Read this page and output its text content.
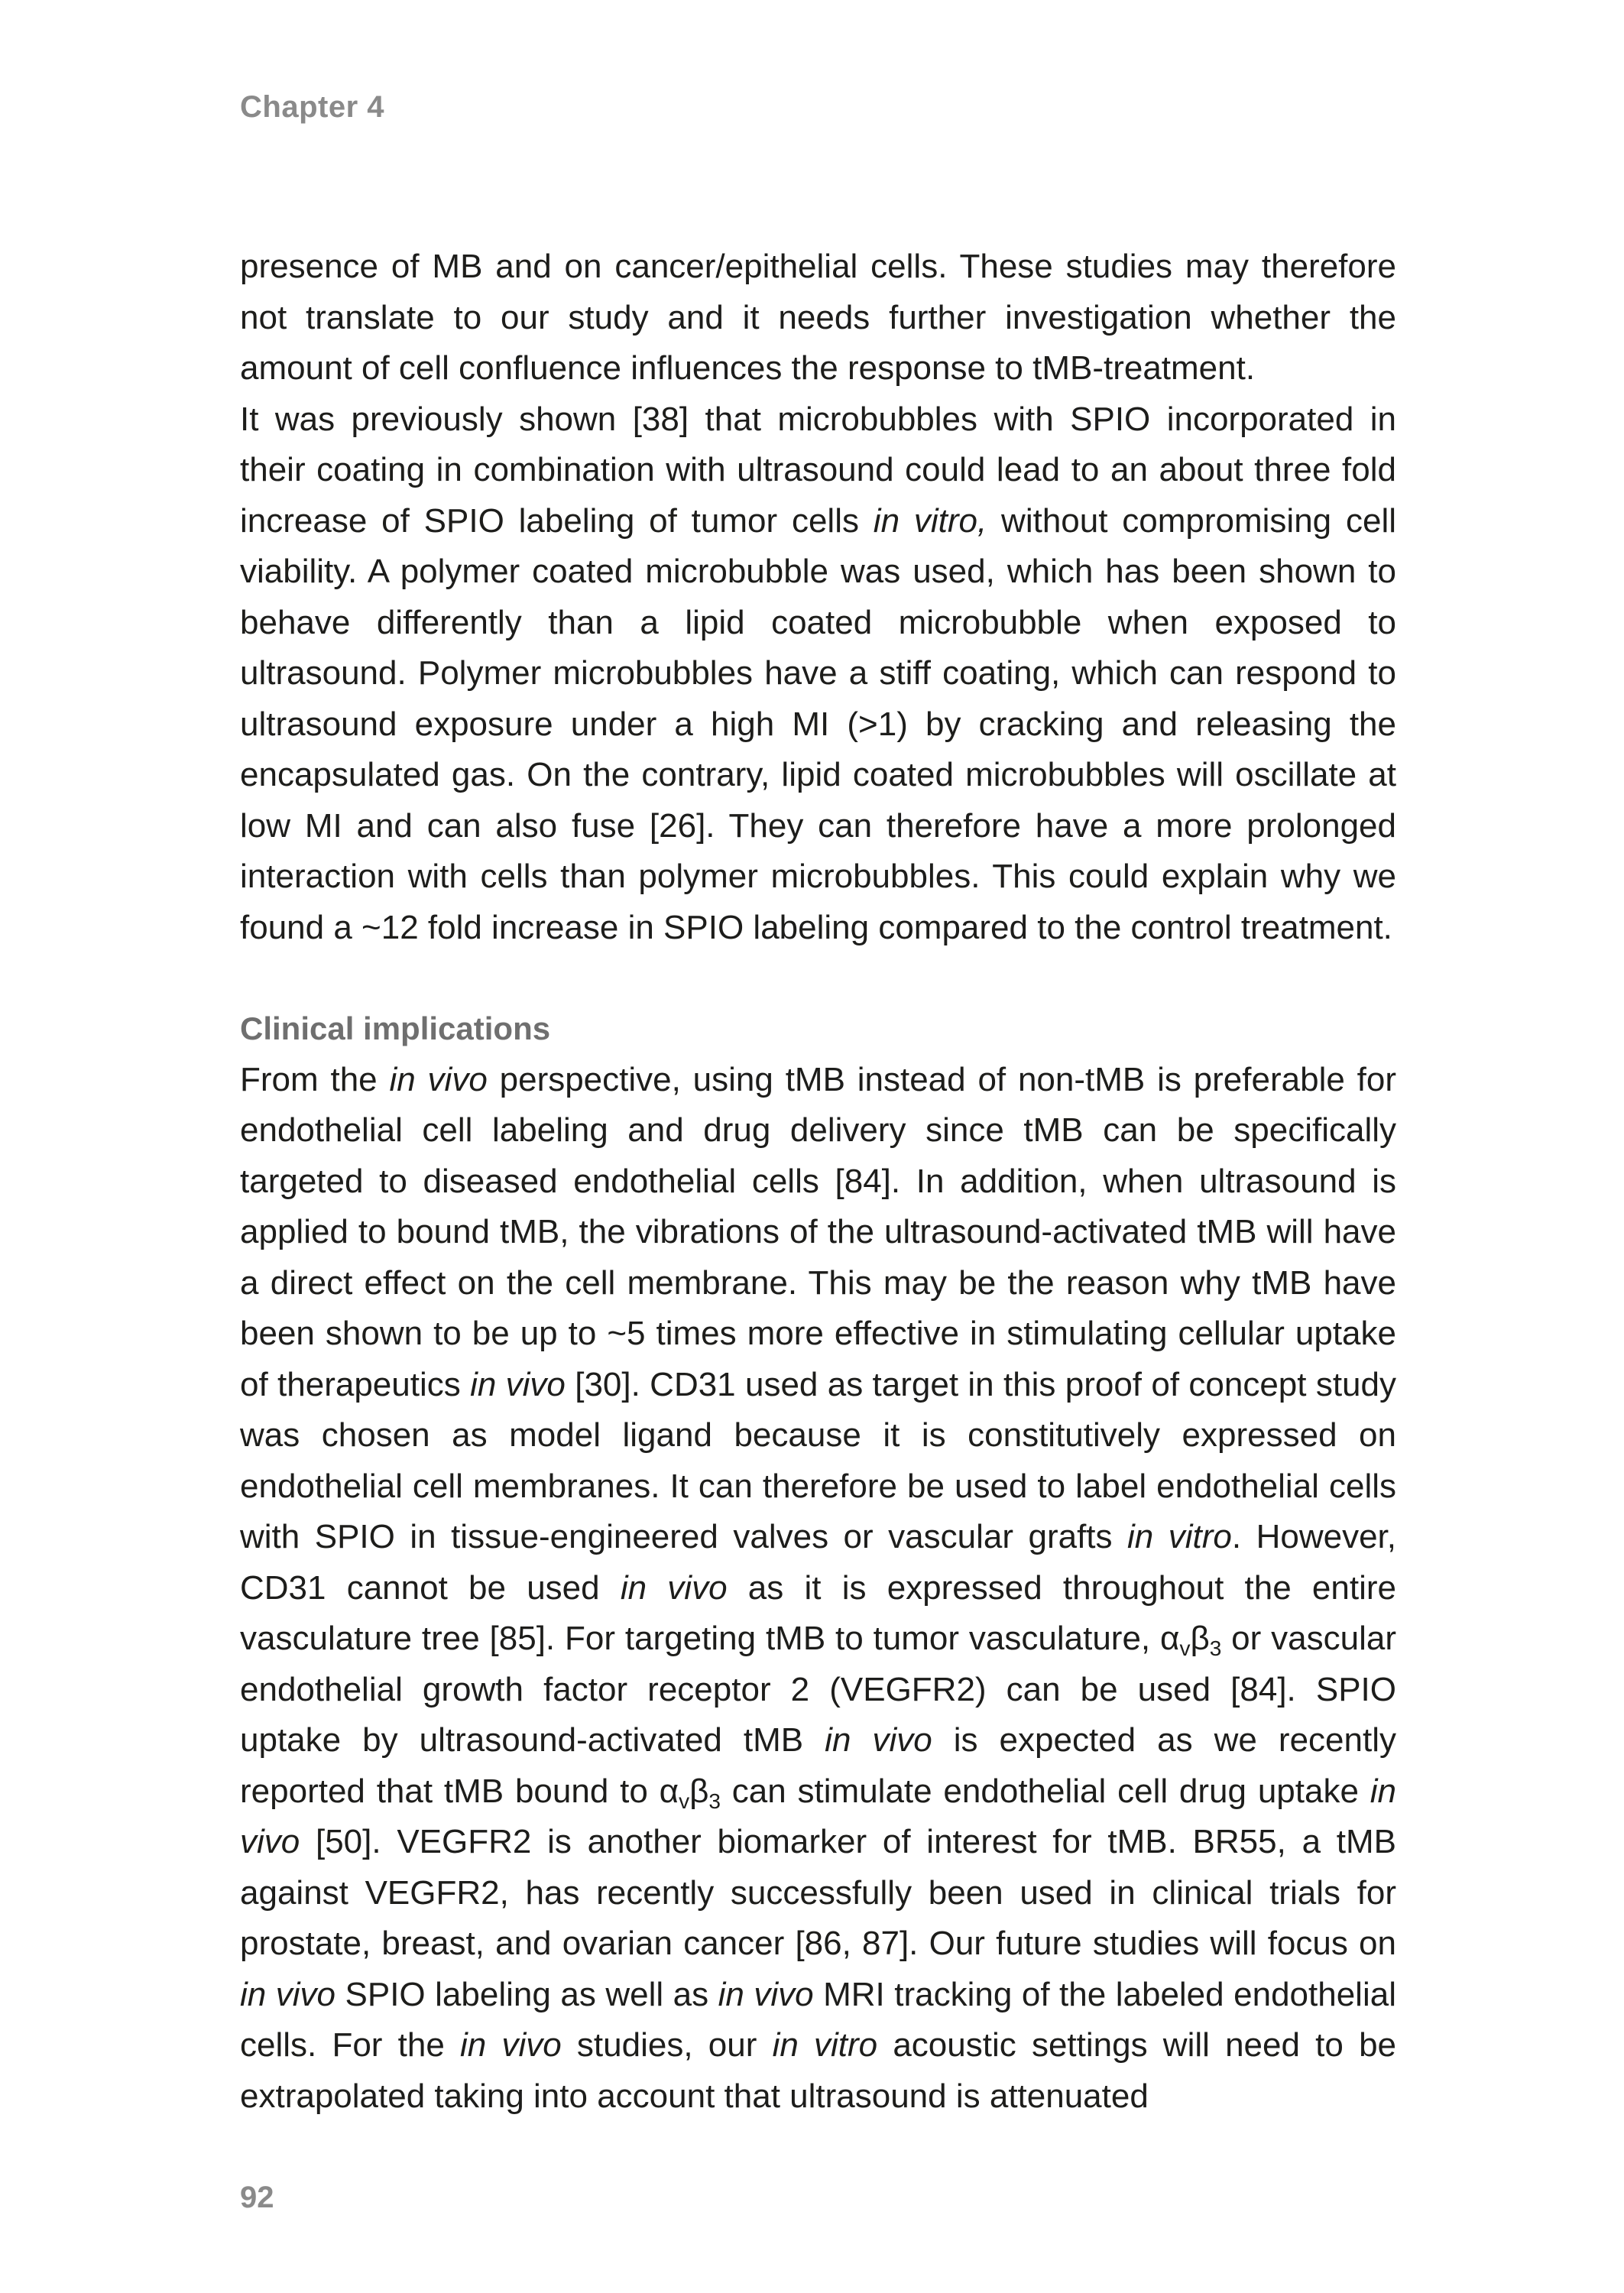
Chapter 4

presence of MB and on cancer/epithelial cells. These studies may therefore not translate to our study and it needs further investigation whether the amount of cell confluence influences the response to tMB-treatment.

It was previously shown [38] that microbubbles with SPIO incorporated in their coating in combination with ultrasound could lead to an about three fold increase of SPIO labeling of tumor cells in vitro, without compromising cell viability. A polymer coated microbubble was used, which has been shown to behave differently than a lipid coated microbubble when exposed to ultrasound. Polymer microbubbles have a stiff coating, which can respond to ultrasound exposure under a high MI (>1) by cracking and releasing the encapsulated gas. On the contrary, lipid coated microbubbles will oscillate at low MI and can also fuse [26]. They can therefore have a more prolonged interaction with cells than polymer microbubbles. This could explain why we found a ~12 fold increase in SPIO labeling compared to the control treatment.

Clinical implications

From the in vivo perspective, using tMB instead of non-tMB is preferable for endothelial cell labeling and drug delivery since tMB can be specifically targeted to diseased endothelial cells [84]. In addition, when ultrasound is applied to bound tMB, the vibrations of the ultrasound-activated tMB will have a direct effect on the cell membrane. This may be the reason why tMB have been shown to be up to ~5 times more effective in stimulating cellular uptake of therapeutics in vivo [30]. CD31 used as target in this proof of concept study was chosen as model ligand because it is constitutively expressed on endothelial cell membranes. It can therefore be used to label endothelial cells with SPIO in tissue-engineered valves or vascular grafts in vitro. However, CD31 cannot be used in vivo as it is expressed throughout the entire vasculature tree [85]. For targeting tMB to tumor vasculature, $\alpha_v\beta_3$ or vascular endothelial growth factor receptor 2 (VEGFR2) can be used [84]. SPIO uptake by ultrasound-activated tMB in vivo is expected as we recently reported that tMB bound to $\alpha_v\beta_3$ can stimulate endothelial cell drug uptake in vivo [50]. VEGFR2 is another biomarker of interest for tMB. BR55, a tMB against VEGFR2, has recently successfully been used in clinical trials for prostate, breast, and ovarian cancer [86, 87]. Our future studies will focus on in vivo SPIO labeling as well as in vivo MRI tracking of the labeled endothelial cells. For the in vivo studies, our in vitro acoustic settings will need to be extrapolated taking into account that ultrasound is attenuated

92
